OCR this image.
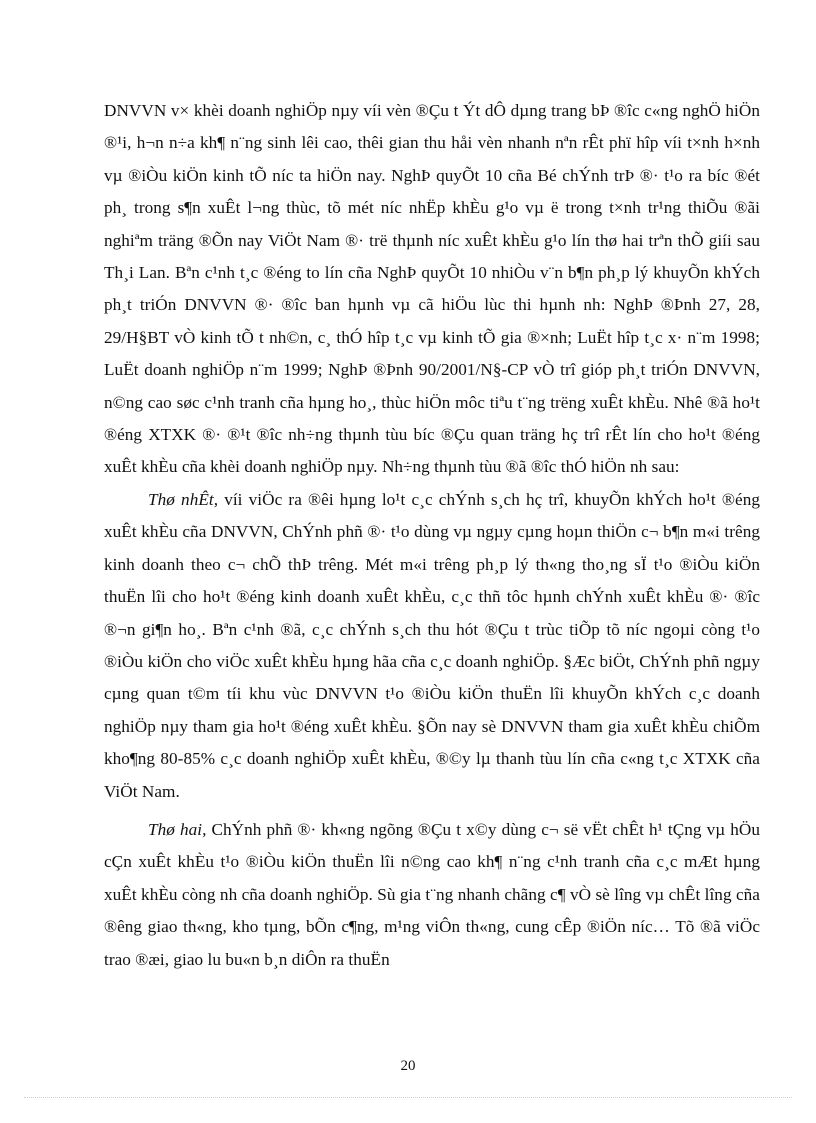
DNVVN v× khèi doanh nghiÖp nµy víi vèn ®Çu t Ýt dÔ dµng trang bÞ ®îc c«ng nghÖ hiÖn ®¹i, h¬n n÷a kh¶ n¨ng sinh lêi cao, thêi gian thu håi vèn nhanh nªn rÊt phï hîp víi t×nh h×nh vµ ®iÒu kiÖn kinh tÕ níc ta hiÖn nay. NghÞ quyÕt 10 cña Bé chÝnh trÞ ®· t¹o ra bíc ®ét ph¸ trong s¶n xuÊt l¬ng thùc, tõ mét níc nhËp khÈu g¹o vµ ë trong t×nh tr¹ng thiÕu ®ãi nghiªm träng ®Õn nay ViÖt Nam ®· trë thµnh níc xuÊt khÈu g¹o lín thø hai trªn thÕ giíi sau Th¸i Lan. Bªn c¹nh t¸c ®éng to lín cña NghÞ quyÕt 10 nhiÒu v¨n b¶n ph¸p lý khuyÕn khÝch ph¸t triÓn DNVVN ®· ®îc ban hµnh vµ cã hiÖu lùc thi hµnh nh: NghÞ ®Þnh 27, 28, 29/H§BT vÒ kinh tÕ t nh©n, c¸ thÓ hîp t¸c vµ kinh tÕ gia ®×nh; LuËt hîp t¸c x· n¨m 1998; LuËt doanh nghiÖp n¨m 1999; NghÞ ®Þnh 90/2001/N§-CP vÒ trî gióp ph¸t triÓn DNVVN, n©ng cao søc c¹nh tranh cña hµng ho¸, thùc hiÖn môc tiªu t¨ng trëng xuÊt khÈu. Nhê ®ã ho¹t ®éng XTXK ®· ®¹t ®îc nh÷ng thµnh tùu bíc ®Çu quan träng hç trî rÊt lín cho ho¹t ®éng xuÊt khÈu cña khèi doanh nghiÖp nµy. Nh÷ng thµnh tùu ®ã ®îc thÓ hiÖn nh sau:

Thø nhÊt, víi viÖc ra ®êi hµng lo¹t c¸c chÝnh s¸ch hç trî, khuyÕn khÝch ho¹t ®éng xuÊt khÈu cña DNVVN, ChÝnh phñ ®· t¹o dùng vµ ngµy cµng hoµn thiÖn c¬ b¶n m«i trêng kinh doanh theo c¬ chÕ thÞ trêng. Mét m«i trêng ph¸p lý th«ng tho¸ng sÏ t¹o ®iÒu kiÖn thuËn lîi cho ho¹t ®éng kinh doanh xuÊt khÈu, c¸c thñ tôc hµnh chÝnh xuÊt khÈu ®· ®îc ®¬n gi¶n ho¸. Bªn c¹nh ®ã, c¸c chÝnh s¸ch thu hót ®Çu t trùc tiÕp tõ níc ngoµi còng t¹o ®iÒu kiÖn cho viÖc xuÊt khÈu hµng hãa cña c¸c doanh nghiÖp. §Æc biÖt, ChÝnh phñ ngµy cµng quan t©m tíi khu vùc DNVVN t¹o ®iÒu kiÖn thuËn lîi khuyÕn khÝch c¸c doanh nghiÖp nµy tham gia ho¹t ®éng xuÊt khÈu. §Õn nay sè DNVVN tham gia xuÊt khÈu chiÕm kho¶ng 80-85% c¸c doanh nghiÖp xuÊt khÈu, ®©y lµ thanh tùu lín cña c«ng t¸c XTXK cña ViÖt Nam.

Thø hai, ChÝnh phñ ®· kh«ng ngõng ®Çu t x©y dùng c¬ së vËt chÊt h¹ tÇng vµ hÖu cÇn xuÊt khÈu t¹o ®iÒu kiÖn thuËn lîi n©ng cao kh¶ n¨ng c¹nh tranh cña c¸c mÆt hµng xuÊt khÈu còng nh cña doanh nghiÖp. Sù gia t¨ng nhanh chãng c¶ vÒ sè lîng vµ chÊt lîng cña ®êng giao th«ng, kho tµng, bÕn c¶ng, m¹ng viÔn th«ng, cung cÊp ®iÖn níc… Tõ ®ã viÖc trao ®æi, giao lu bu«n b¸n diÔn ra thuËn

20
